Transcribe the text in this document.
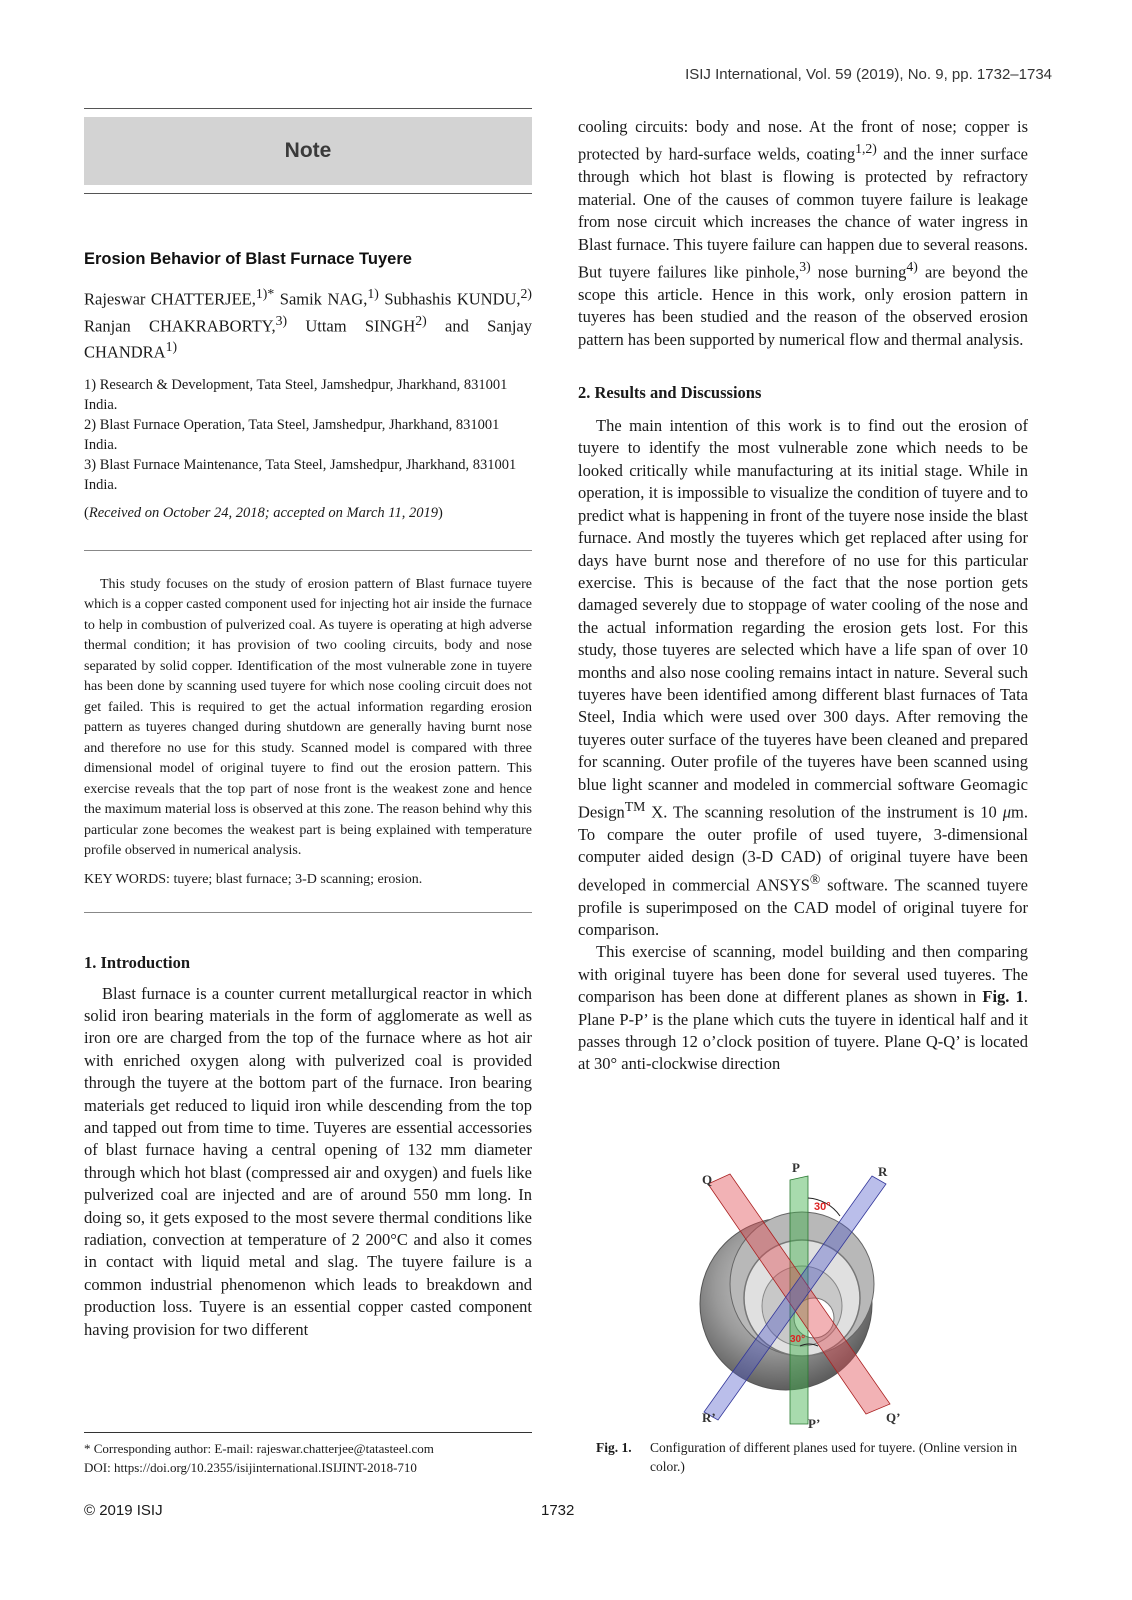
ISIJ International, Vol. 59 (2019), No. 9, pp. 1732–1734
Note
Erosion Behavior of Blast Furnace Tuyere
Rajeswar CHATTERJEE,$^{1)*}$ Samik NAG,$^{1)}$ Subhashis KUNDU,$^{2)}$ Ranjan CHAKRABORTY,$^{3)}$ Uttam SINGH$^{2)}$ and Sanjay CHANDRA$^{1)}$
1) Research & Development, Tata Steel, Jamshedpur, Jharkhand, 831001 India.
2) Blast Furnace Operation, Tata Steel, Jamshedpur, Jharkhand, 831001 India.
3) Blast Furnace Maintenance, Tata Steel, Jamshedpur, Jharkhand, 831001 India.
(Received on October 24, 2018; accepted on March 11, 2019)

This study focuses on the study of erosion pattern of Blast furnace tuyere which is a copper casted component used for injecting hot air inside the furnace to help in combustion of pulverized coal. As tuyere is operating at high adverse thermal condition; it has provision of two cooling circuits, body and nose separated by solid copper. Identification of the most vulnerable zone in tuyere has been done by scanning used tuyere for which nose cooling circuit does not get failed. This is required to get the actual information regarding erosion pattern as tuyeres changed during shutdown are generally having burnt nose and therefore no use for this study. Scanned model is compared with three dimensional model of original tuyere to find out the erosion pattern. This exercise reveals that the top part of nose front is the weakest zone and hence the maximum material loss is observed at this zone. The reason behind why this particular zone becomes the weakest part is being explained with temperature profile observed in numerical analysis.

KEY WORDS: tuyere; blast furnace; 3-D scanning; erosion.

1. Introduction

Blast furnace is a counter current metallurgical reactor in which solid iron bearing materials in the form of agglomerate as well as iron ore are charged from the top of the furnace where as hot air with enriched oxygen along with pulverized coal is provided through the tuyere at the bottom part of the furnace. Iron bearing materials get reduced to liquid iron while descending from the top and tapped out from time to time. Tuyeres are essential accessories of blast furnace having a central opening of 132 mm diameter through which hot blast (compressed air and oxygen) and fuels like pulverized coal are injected and are of around 550 mm long. In doing so, it gets exposed to the most severe thermal conditions like radiation, convection at temperature of 2 200°C and also it comes in contact with liquid metal and slag. The tuyere failure is a common industrial phenomenon which leads to breakdown and production loss. Tuyere is an essential copper casted component having provision for two different

cooling circuits: body and nose. At the front of nose; copper is protected by hard-surface welds, coating$^{1,2)}$ and the inner surface through which hot blast is flowing is protected by refractory material. One of the causes of common tuyere failure is leakage from nose circuit which increases the chance of water ingress in Blast furnace. This tuyere failure can happen due to several reasons. But tuyere failures like pinhole,$^{3)}$ nose burning$^{4)}$ are beyond the scope this article. Hence in this work, only erosion pattern in tuyeres has been studied and the reason of the observed erosion pattern has been supported by numerical flow and thermal analysis.

2. Results and Discussions

The main intention of this work is to find out the erosion of tuyere to identify the most vulnerable zone which needs to be looked critically while manufacturing at its initial stage. While in operation, it is impossible to visualize the condition of tuyere and to predict what is happening in front of the tuyere nose inside the blast furnace. And mostly the tuyeres which get replaced after using for days have burnt nose and therefore of no use for this particular exercise. This is because of the fact that the nose portion gets damaged severely due to stoppage of water cooling of the nose and the actual information regarding the erosion gets lost. For this study, those tuyeres are selected which have a life span of over 10 months and also nose cooling remains intact in nature. Several such tuyeres have been identified among different blast furnaces of Tata Steel, India which were used over 300 days. After removing the tuyeres outer surface of the tuyeres have been cleaned and prepared for scanning. Outer profile of the tuyeres have been scanned using blue light scanner and modeled in commercial software Geomagic Design™ X. The scanning resolution of the instrument is 10 μm. To compare the outer profile of used tuyere, 3-dimensional computer aided design (3-D CAD) of original tuyere have been developed in commercial ANSYS® software. The scanned tuyere profile is superimposed on the CAD model of original tuyere for comparison.

This exercise of scanning, model building and then comparing with original tuyere has been done for several used tuyeres. The comparison has been done at different planes as shown in Fig. 1. Plane P-P’ is the plane which cuts the tuyere in identical half and it passes through 12 o’clock position of tuyere. Plane Q-Q’ is located at 30° anti-clockwise direction

Q
P	R
30°
30°
R’	P’	Q’
Fig. 1.	Configuration of different planes used for tuyere. (Online version in color.)
* Corresponding author: E-mail: rajeswar.chatterjee@tatasteel.com
DOI: https://doi.org/10.2355/isijinternational.ISIJINT-2018-710
© 2019 ISIJ	1732
